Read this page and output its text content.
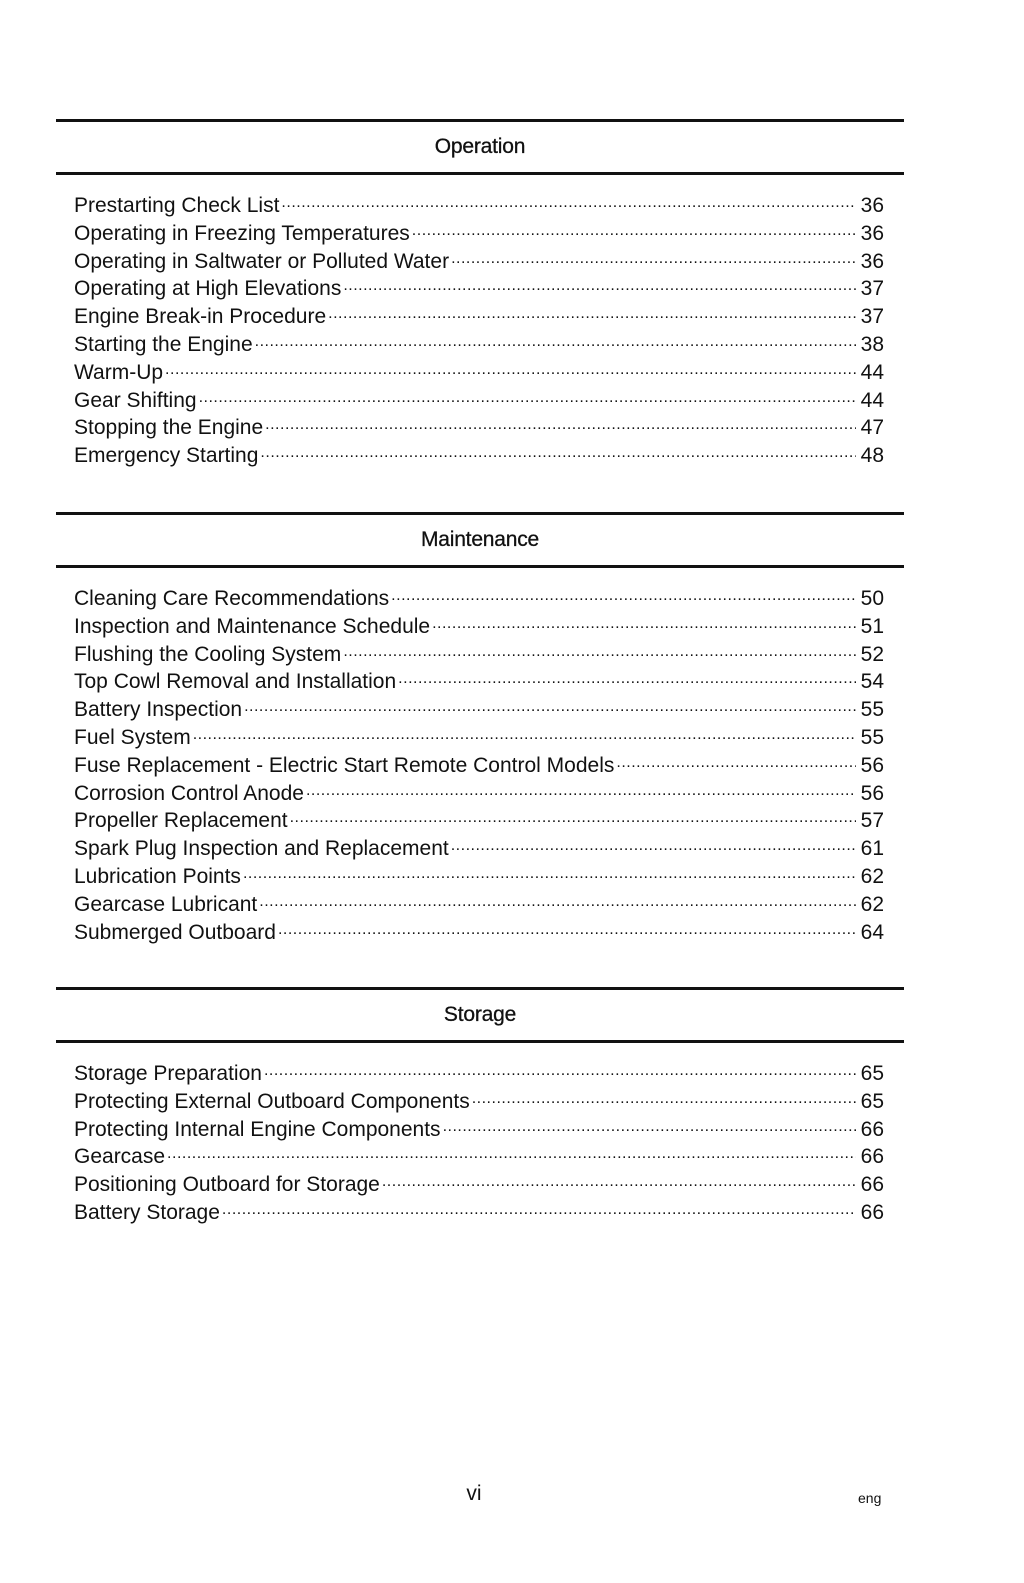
Operation
Prestarting Check List .....	36
Operating in Freezing Temperatures .....	36
Operating in Saltwater or Polluted Water .....	36
Operating at High Elevations .....	37
Engine Break-in Procedure .....	37
Starting the Engine .....	38
Warm-Up .....	44
Gear Shifting .....	44
Stopping the Engine .....	47
Emergency Starting .....	48
Maintenance
Cleaning Care Recommendations .....	50
Inspection and Maintenance Schedule .....	51
Flushing the Cooling System .....	52
Top Cowl Removal and Installation .....	54
Battery Inspection .....	55
Fuel System .....	55
Fuse Replacement - Electric Start Remote Control Models .....	56
Corrosion Control Anode .....	56
Propeller Replacement .....	57
Spark Plug Inspection and Replacement .....	61
Lubrication Points .....	62
Gearcase Lubricant .....	62
Submerged Outboard .....	64
Storage
Storage Preparation .....	65
Protecting External Outboard Components .....	65
Protecting Internal Engine Components .....	66
Gearcase .....	66
Positioning Outboard for Storage .....	66
Battery Storage .....	66
vi	eng
